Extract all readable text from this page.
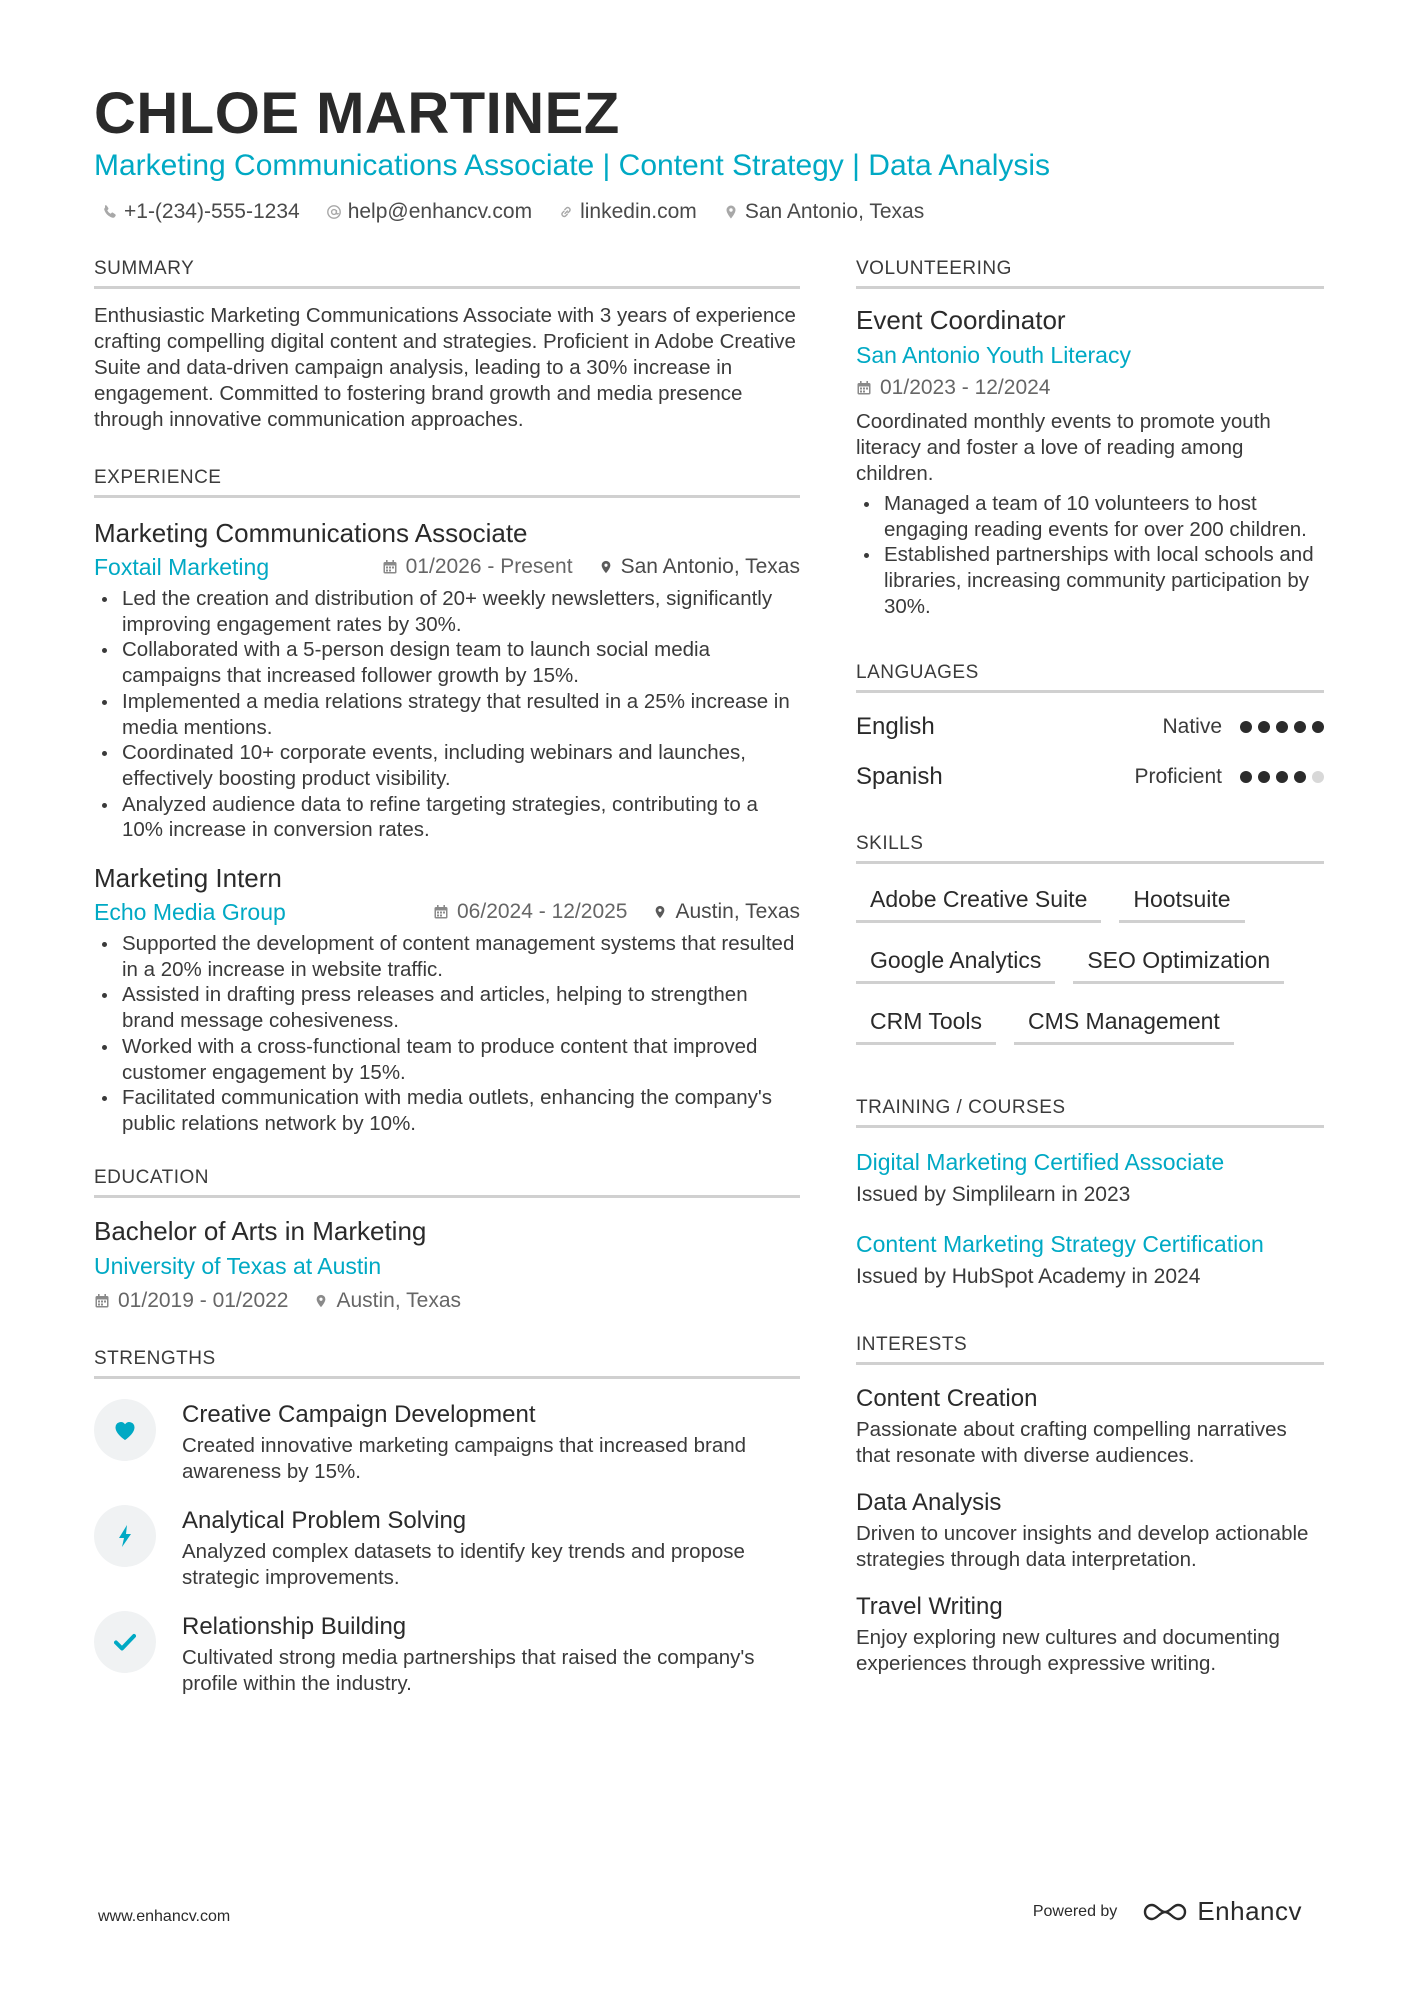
CHLOE MARTINEZ
Marketing Communications Associate | Content Strategy | Data Analysis
+1-(234)-555-1234 help@enhancv.com linkedin.com San Antonio, Texas
SUMMARY
Enthusiastic Marketing Communications Associate with 3 years of experience crafting compelling digital content and strategies. Proficient in Adobe Creative Suite and data-driven campaign analysis, leading to a 30% increase in engagement. Committed to fostering brand growth and media presence through innovative communication approaches.
EXPERIENCE
Marketing Communications Associate
Foxtail Marketing	01/2026 - Present San Antonio, Texas
Led the creation and distribution of 20+ weekly newsletters, significantly improving engagement rates by 30%.
Collaborated with a 5-person design team to launch social media campaigns that increased follower growth by 15%.
Implemented a media relations strategy that resulted in a 25% increase in media mentions.
Coordinated 10+ corporate events, including webinars and launches, effectively boosting product visibility.
Analyzed audience data to refine targeting strategies, contributing to a 10% increase in conversion rates.
Marketing Intern
Echo Media Group	06/2024 - 12/2025 Austin, Texas
Supported the development of content management systems that resulted in a 20% increase in website traffic.
Assisted in drafting press releases and articles, helping to strengthen brand message cohesiveness.
Worked with a cross-functional team to produce content that improved customer engagement by 15%.
Facilitated communication with media outlets, enhancing the company's public relations network by 10%.
EDUCATION
Bachelor of Arts in Marketing
University of Texas at Austin
01/2019 - 01/2022 Austin, Texas
STRENGTHS
Creative Campaign Development
Created innovative marketing campaigns that increased brand awareness by 15%.
Analytical Problem Solving
Analyzed complex datasets to identify key trends and propose strategic improvements.
Relationship Building
Cultivated strong media partnerships that raised the company's profile within the industry.
VOLUNTEERING
Event Coordinator
San Antonio Youth Literacy
01/2023 - 12/2024
Coordinated monthly events to promote youth literacy and foster a love of reading among children.
Managed a team of 10 volunteers to host engaging reading events for over 200 children.
Established partnerships with local schools and libraries, increasing community participation by 30%.
LANGUAGES
English	Native
Spanish	Proficient
SKILLS
Adobe Creative Suite	Hootsuite
Google Analytics	SEO Optimization
CRM Tools	CMS Management
TRAINING / COURSES
Digital Marketing Certified Associate
Issued by Simplilearn in 2023
Content Marketing Strategy Certification
Issued by HubSpot Academy in 2024
INTERESTS
Content Creation
Passionate about crafting compelling narratives that resonate with diverse audiences.
Data Analysis
Driven to uncover insights and develop actionable strategies through data interpretation.
Travel Writing
Enjoy exploring new cultures and documenting experiences through expressive writing.
www.enhancv.com	Powered by	Enhancv
